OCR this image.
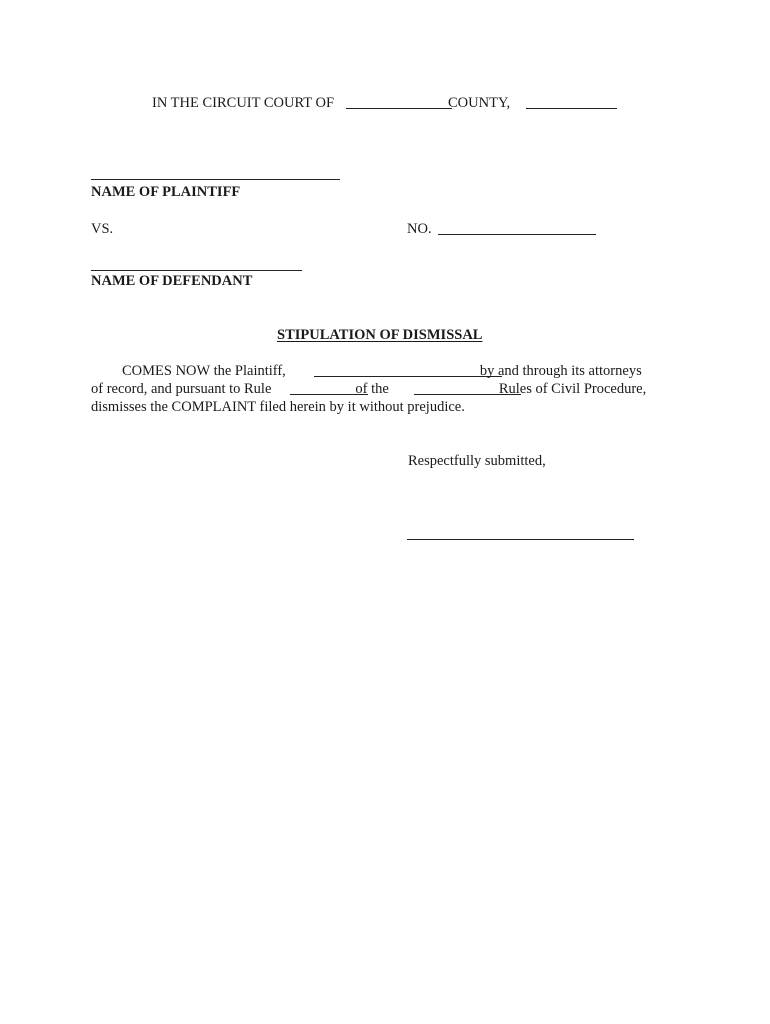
IN THE CIRCUIT COURT OF	COUNTY,
NAME OF PLAINTIFF
VS.	NO.
NAME OF DEFENDANT
STIPULATION OF DISMISSAL
COMES NOW the Plaintiff,	by and through its attorneys
of record, and pursuant to Rule	of the	Rules of Civil Procedure,
dismisses the COMPLAINT filed herein by it without prejudice.
Respectfully submitted,
